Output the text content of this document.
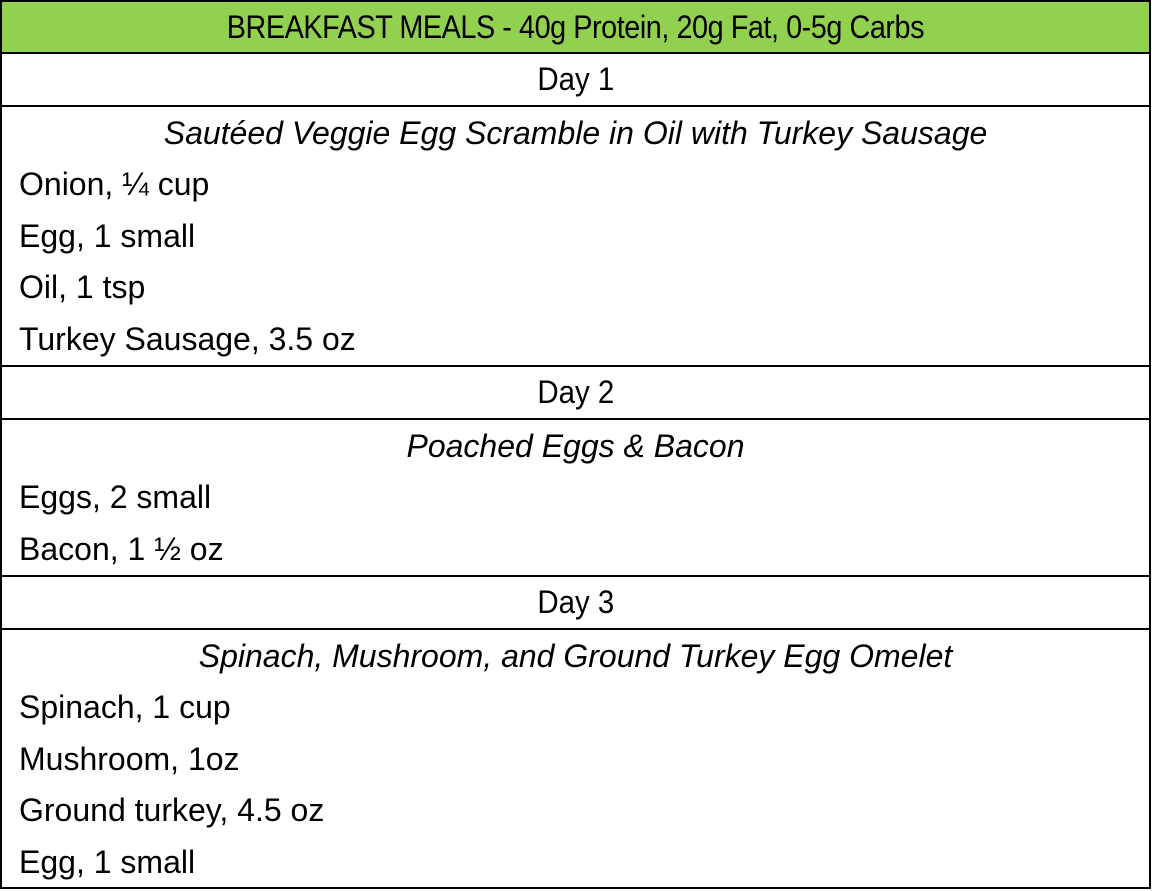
BREAKFAST MEALS - 40g Protein, 20g Fat, 0-5g Carbs
Day 1
Sautéed Veggie Egg Scramble in Oil with Turkey Sausage
Onion, ¼ cup
Egg, 1 small
Oil, 1 tsp
Turkey Sausage, 3.5 oz
Day 2
Poached Eggs & Bacon
Eggs, 2 small
Bacon, 1 ½ oz
Day 3
Spinach, Mushroom, and Ground Turkey Egg Omelet
Spinach, 1 cup
Mushroom, 1oz
Ground turkey, 4.5 oz
Egg, 1 small
